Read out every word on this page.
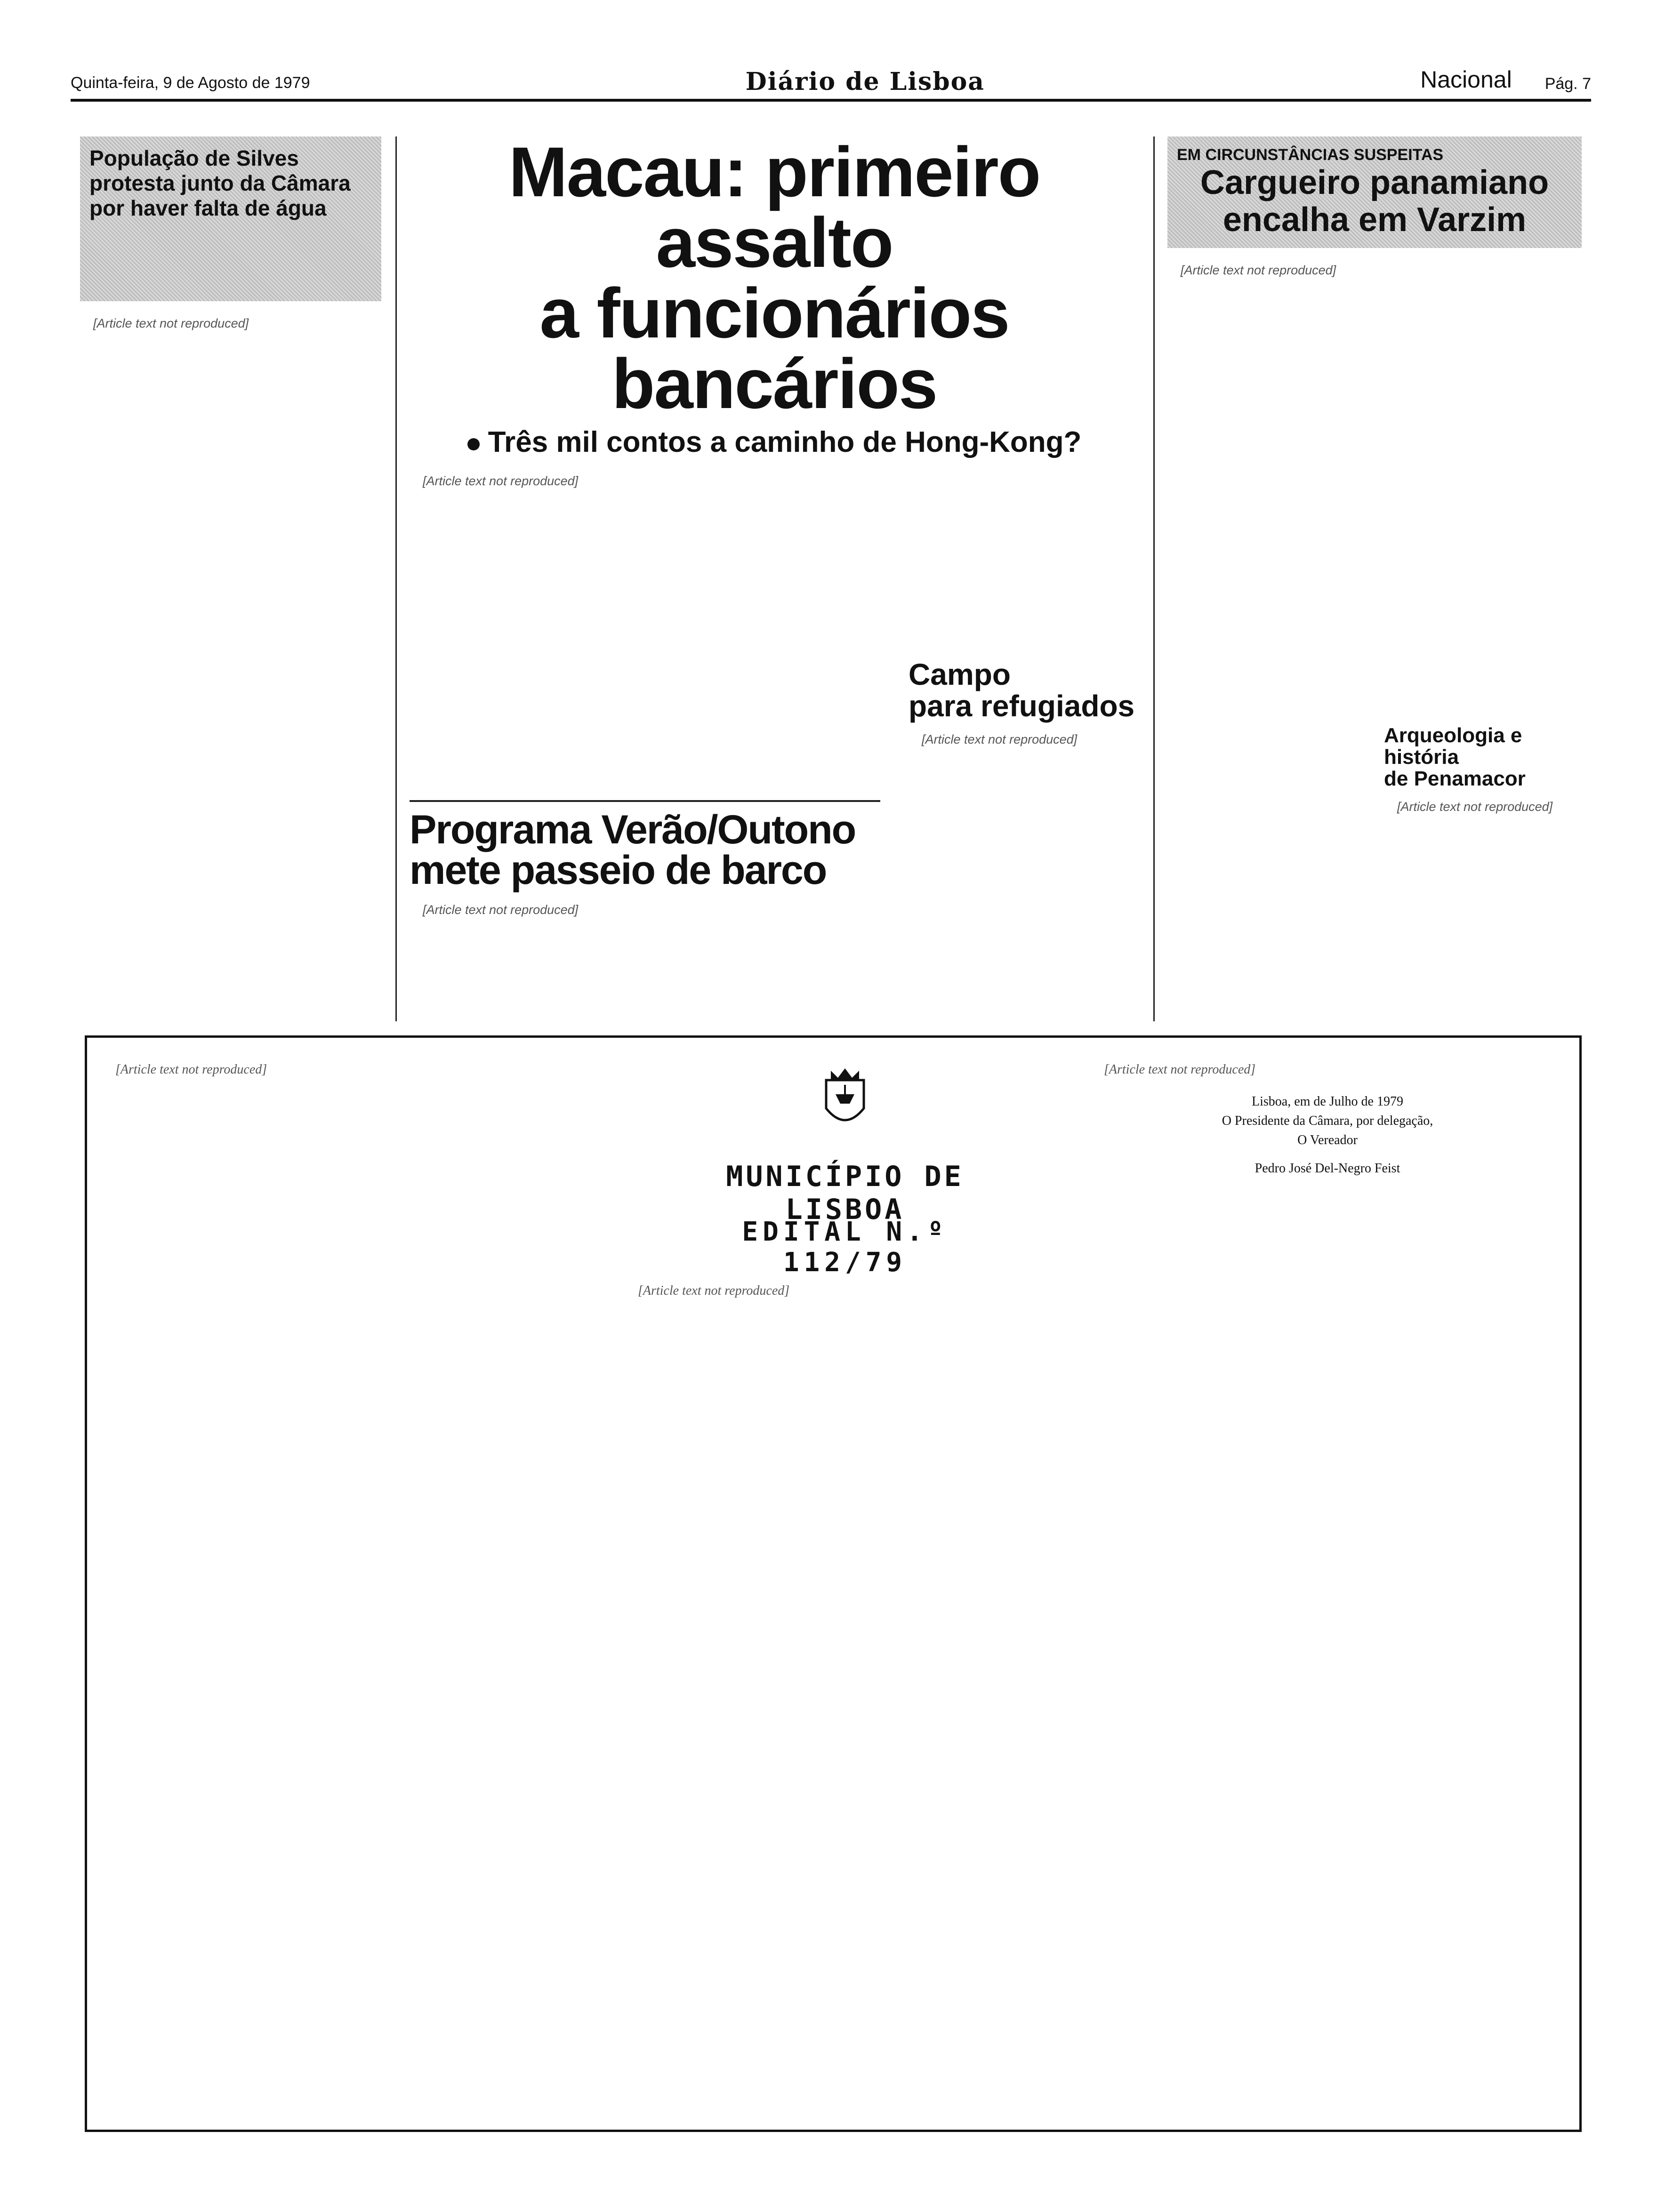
Quinta-feira, 9 de Agosto de 1979	Diário de Lisboa	Nacional Pág. 7
População de Silves protesta junto da Câmara por haver falta de água

[Article text not reproduced]

Macau: primeiro assalto
a funcionários bancários
Três mil contos a caminho de Hong-Kong?

[Article text not reproduced]

Programa Verão/Outono
mete passeio de barco

[Article text not reproduced]

Campo
para refugiados

[Article text not reproduced]

EM CIRCUNSTÂNCIAS SUSPEITAS
Cargueiro panamiano
encalha em Varzim

[Article text not reproduced]

Arqueologia e história
de Penamacor

[Article text not reproduced]

[Article text not reproduced]

MUNICÍPIO DE LISBOA
EDITAL N.º 112/79

[Article text not reproduced]

[Article text not reproduced]

Lisboa, em de Julho de 1979
O Presidente da Câmara, por delegação,
O Vereador
Pedro José Del-Negro Feist
